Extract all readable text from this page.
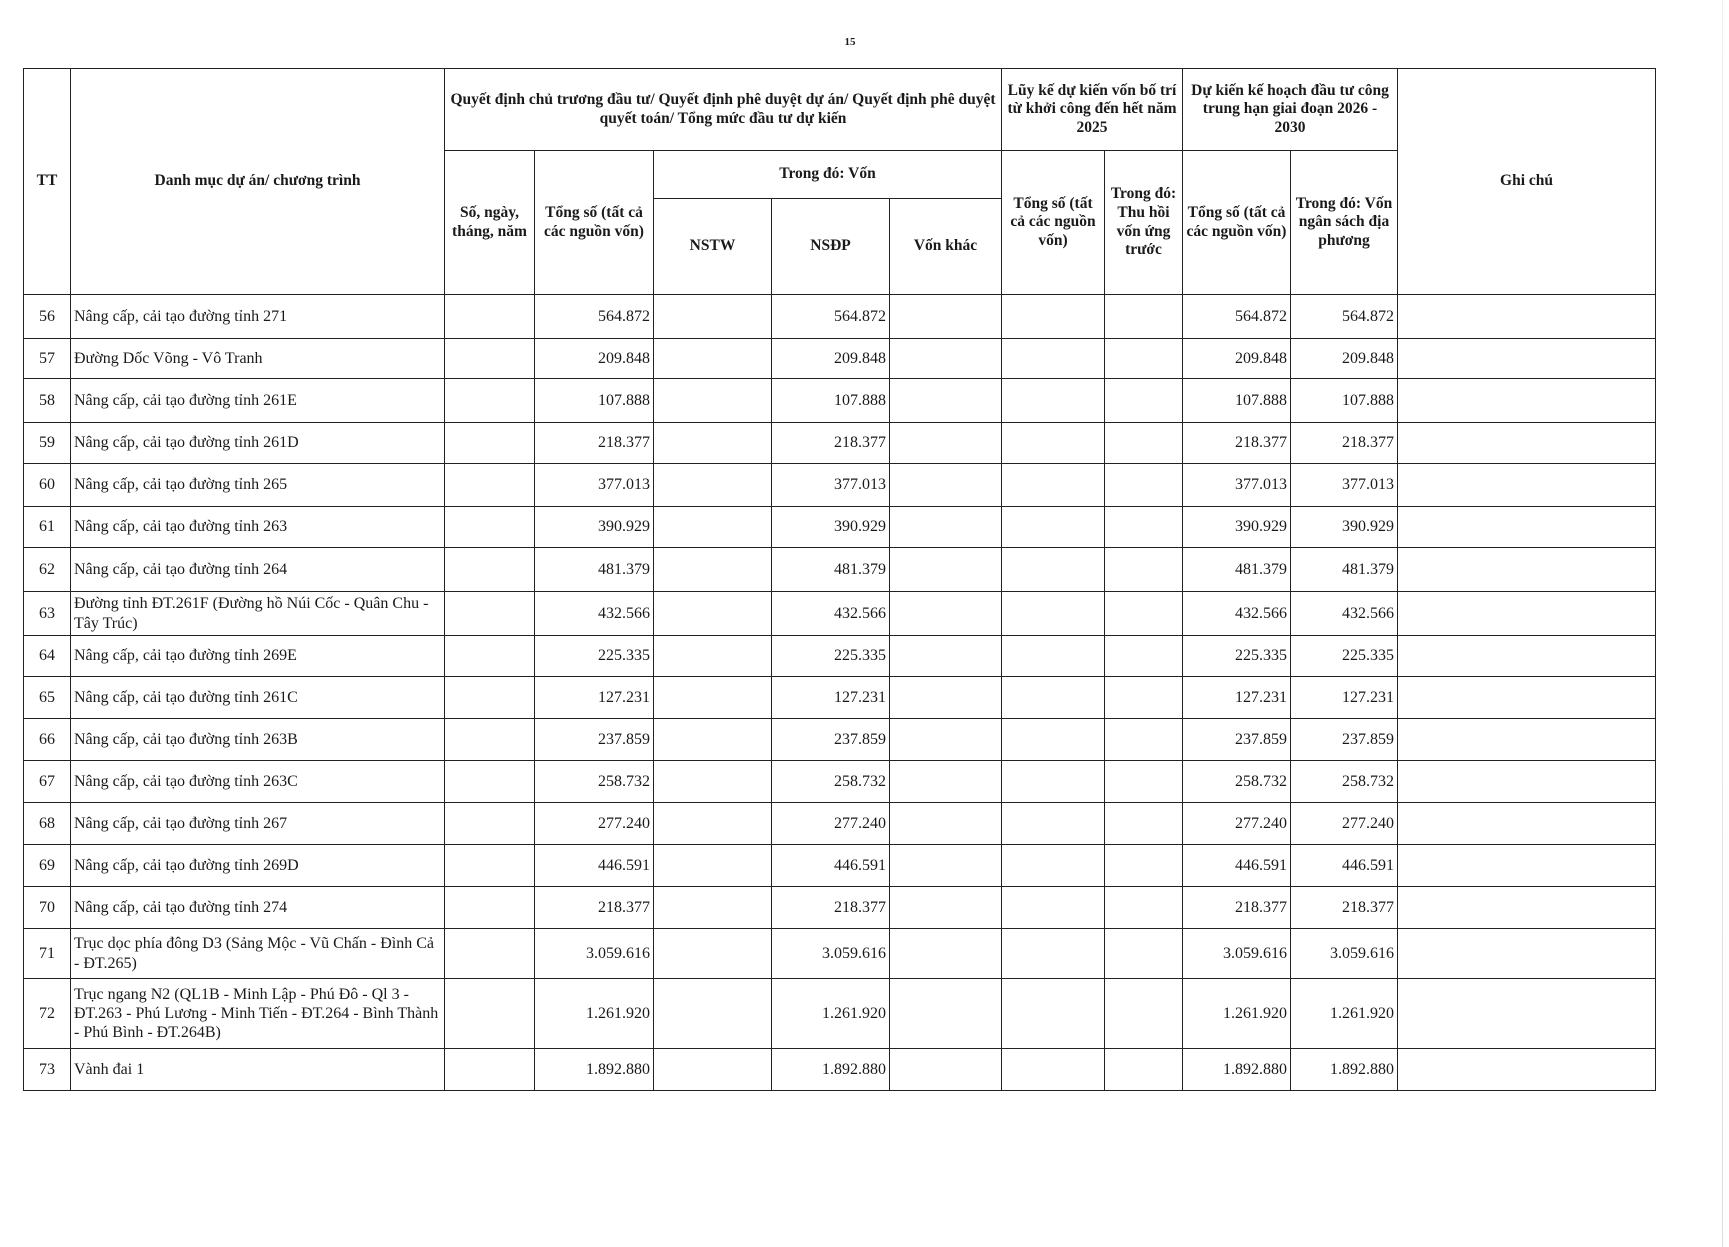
15
TT	Danh mục dự án/ chương trình	Quyết định chủ trương đầu tư/ Quyết định phê duyệt dự án/ Quyết định phê duyệt quyết toán/ Tổng mức đầu tư dự kiến					Lũy kế dự kiến vốn bố trí từ khởi công đến hết năm 2025		Dự kiến kế hoạch đầu tư công trung hạn giai đoạn 2026 - 2030		Ghi chú
		Số, ngày, tháng, năm	Tổng số (tất cả các nguồn vốn)	Trong đó: Vốn			Tổng số (tất cả các nguồn vốn)	Trong đó: Thu hồi vốn ứng trước	Tổng số (tất cả các nguồn vốn)	Trong đó: Vốn ngân sách địa phương	
				NSTW	NSĐP	Vốn khác					
56	Nâng cấp, cải tạo đường tỉnh 271		564.872		564.872				564.872	564.872	
57	Đường Dốc Võng - Vô Tranh		209.848		209.848				209.848	209.848	
58	Nâng cấp, cải tạo đường tỉnh 261E		107.888		107.888				107.888	107.888	
59	Nâng cấp, cải tạo đường tỉnh 261D		218.377		218.377				218.377	218.377	
60	Nâng cấp, cải tạo đường tỉnh 265		377.013		377.013				377.013	377.013	
61	Nâng cấp, cải tạo đường tỉnh 263		390.929		390.929				390.929	390.929	
62	Nâng cấp, cải tạo đường tỉnh 264		481.379		481.379				481.379	481.379	
63	Đường tỉnh ĐT.261F (Đường hồ Núi Cốc - Quân Chu - Tây Trúc)		432.566		432.566				432.566	432.566	
64	Nâng cấp, cải tạo đường tỉnh 269E		225.335		225.335				225.335	225.335	
65	Nâng cấp, cải tạo đường tỉnh 261C		127.231		127.231				127.231	127.231	
66	Nâng cấp, cải tạo đường tỉnh 263B		237.859		237.859				237.859	237.859	
67	Nâng cấp, cải tạo đường tỉnh 263C		258.732		258.732				258.732	258.732	
68	Nâng cấp, cải tạo đường tỉnh 267		277.240		277.240				277.240	277.240	
69	Nâng cấp, cải tạo đường tỉnh 269D		446.591		446.591				446.591	446.591	
70	Nâng cấp, cải tạo đường tỉnh 274		218.377		218.377				218.377	218.377	
71	Trục dọc phía đông D3 (Sảng Mộc - Vũ Chấn - Đình Cả - ĐT.265)		3.059.616		3.059.616				3.059.616	3.059.616	
72	Trục ngang N2 (QL1B - Minh Lập - Phú Đô - Ql 3 - ĐT.263 - Phú Lương - Minh Tiến - ĐT.264 - Bình Thành - Phú Bình - ĐT.264B)		1.261.920		1.261.920				1.261.920	1.261.920	
73	Vành đai 1		1.892.880		1.892.880				1.892.880	1.892.880	
